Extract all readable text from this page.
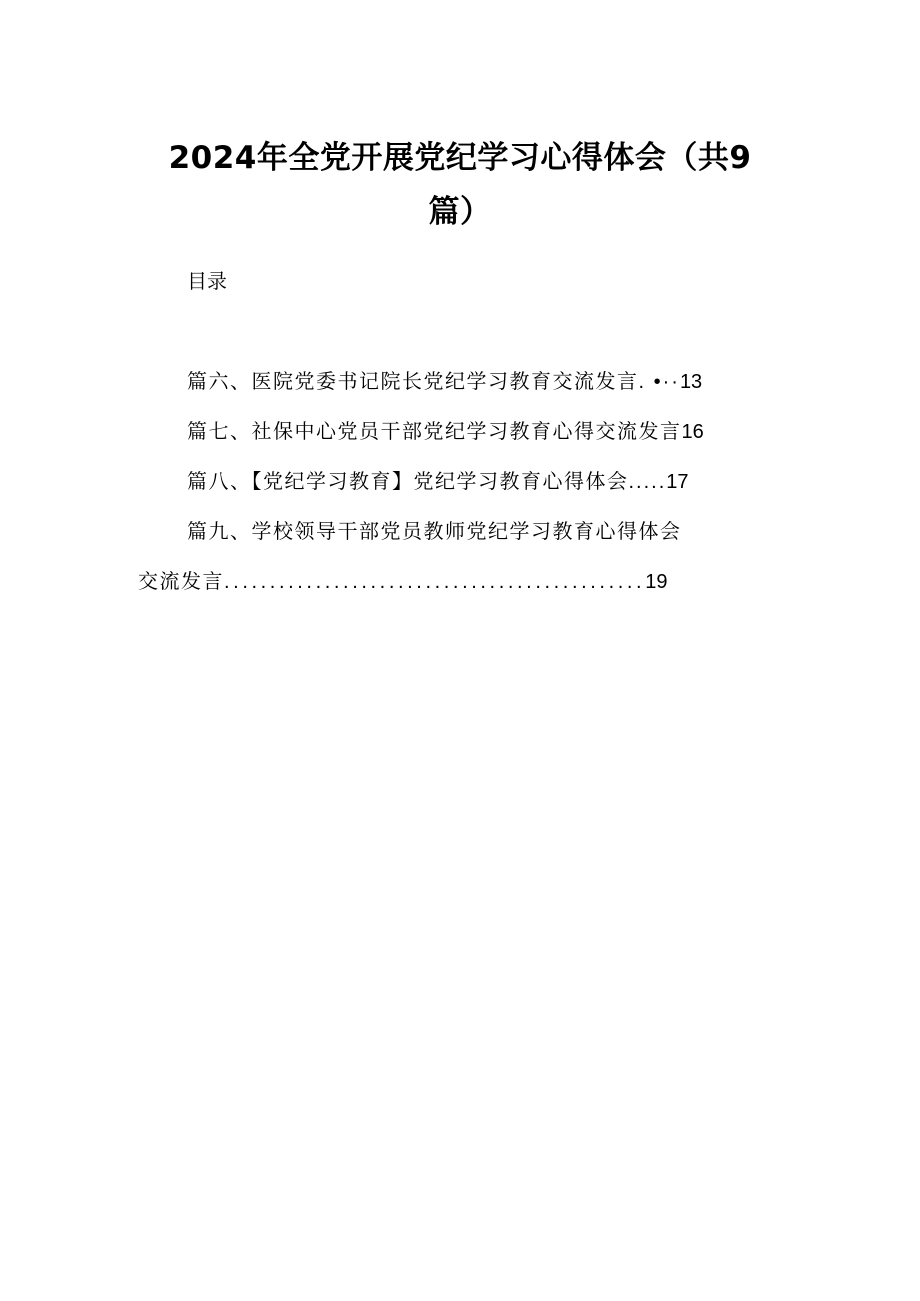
2024年全党开展党纪学习心得体会（共9
篇）
目录
篇六、医院党委书记院长党纪学习教育交流发言. •··13
篇七、社保中心党员干部党纪学习教育心得交流发言16
篇八、【党纪学习教育】党纪学习教育心得体会.....17
篇九、学校领导干部党员教师党纪学习教育心得体会
交流发言..............................................19
